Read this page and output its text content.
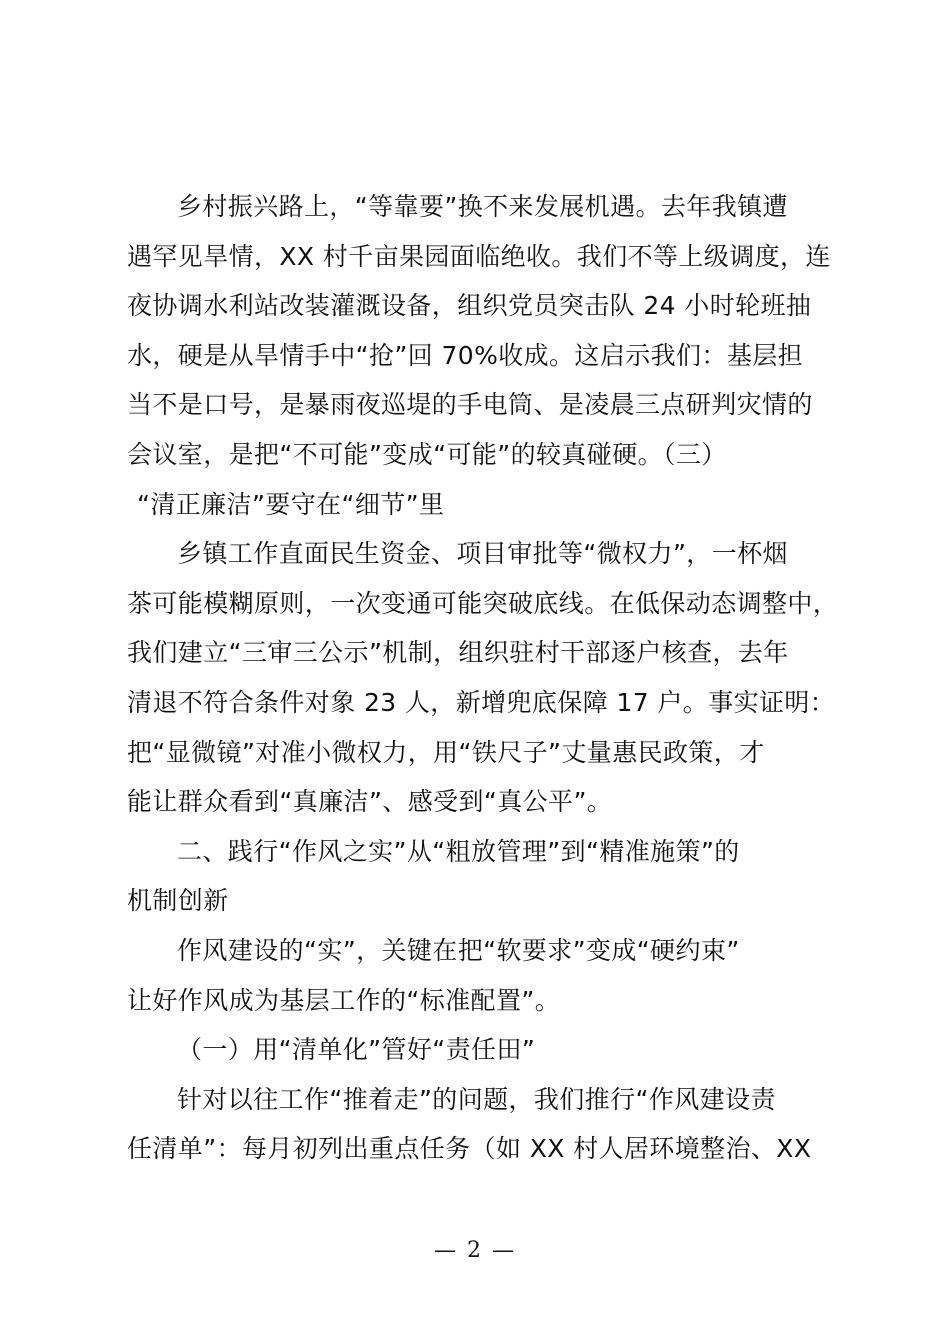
乡村振兴路上，“等靠要”换不来发展机遇。去年我镇遭
遇罕见旱情，XX 村千亩果园面临绝收。我们不等上级调度，连
夜协调水利站改装灌溉设备，组织党员突击队 24 小时轮班抽
水，硬是从旱情手中“抢”回 70%收成。这启示我们：基层担
当不是口号，是暴雨夜巡堤的手电筒、是凌晨三点研判灾情的
会议室，是把“不可能”变成“可能”的较真碰硬。（三）
“清正廉洁”要守在“细节”里
乡镇工作直面民生资金、项目审批等“微权力”，一杯烟
茶可能模糊原则，一次变通可能突破底线。在低保动态调整中，
我们建立“三审三公示”机制，组织驻村干部逐户核查，去年
清退不符合条件对象 23 人，新增兜底保障 17 户。事实证明：
把“显微镜”对准小微权力，用“铁尺子”丈量惠民政策，才
能让群众看到“真廉洁”、感受到“真公平”。
二、践行“作风之实”从“粗放管理”到“精准施策”的
机制创新
作风建设的“实”，关键在把“软要求”变成“硬约束”
让好作风成为基层工作的“标准配置”。
（一）用“清单化”管好“责任田”
针对以往工作“推着走”的问题，我们推行“作风建设责
任清单”：每月初列出重点任务（如 XX 村人居环境整治、XX
— 2 —
